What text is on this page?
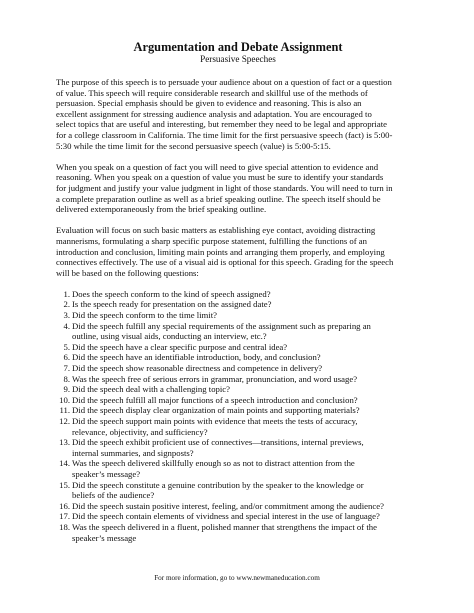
Argumentation and Debate Assignment
Persuasive Speeches

The purpose of this speech is to persuade your audience about on a question of fact or a question
of value. This speech will require considerable research and skillful use of the methods of
persuasion. Special emphasis should be given to evidence and reasoning. This is also an
excellent assignment for stressing audience analysis and adaptation. You are encouraged to
select topics that are useful and interesting, but remember they need to be legal and appropriate
for a college classroom in California. The time limit for the first persuasive speech (fact) is 5:00-
5:30 while the time limit for the second persuasive speech (value) is 5:00-5:15.

When you speak on a question of fact you will need to give special attention to evidence and
reasoning. When you speak on a question of value you must be sure to identify your standards
for judgment and justify your value judgment in light of those standards. You will need to turn in
a complete preparation outline as well as a brief speaking outline. The speech itself should be
delivered extemporaneously from the brief speaking outline.

Evaluation will focus on such basic matters as establishing eye contact, avoiding distracting
mannerisms, formulating a sharp specific purpose statement, fulfilling the functions of an
introduction and conclusion, limiting main points and arranging them properly, and employing
connectives effectively. The use of a visual aid is optional for this speech. Grading for the speech
will be based on the following questions:

1. Does the speech conform to the kind of speech assigned?
2. Is the speech ready for presentation on the assigned date?
3. Did the speech conform to the time limit?
4. Did the speech fulfill any special requirements of the assignment such as preparing an
outline, using visual aids, conducting an interview, etc.?
5. Did the speech have a clear specific purpose and central idea?
6. Did the speech have an identifiable introduction, body, and conclusion?
7. Did the speech show reasonable directness and competence in delivery?
8. Was the speech free of serious errors in grammar, pronunciation, and word usage?
9. Did the speech deal with a challenging topic?
10. Did the speech fulfill all major functions of a speech introduction and conclusion?
11. Did the speech display clear organization of main points and supporting materials?
12. Did the speech support main points with evidence that meets the tests of accuracy,
relevance, objectivity, and sufficiency?
13. Did the speech exhibit proficient use of connectives—transitions, internal previews,
internal summaries, and signposts?
14. Was the speech delivered skillfully enough so as not to distract attention from the
speaker’s message?
15. Did the speech constitute a genuine contribution by the speaker to the knowledge or
beliefs of the audience?
16. Did the speech sustain positive interest, feeling, and/or commitment among the audience?
17. Did the speech contain elements of vividness and special interest in the use of language?
18. Was the speech delivered in a fluent, polished manner that strengthens the impact of the
speaker’s message
For more information, go to www.newmaneducation.com
